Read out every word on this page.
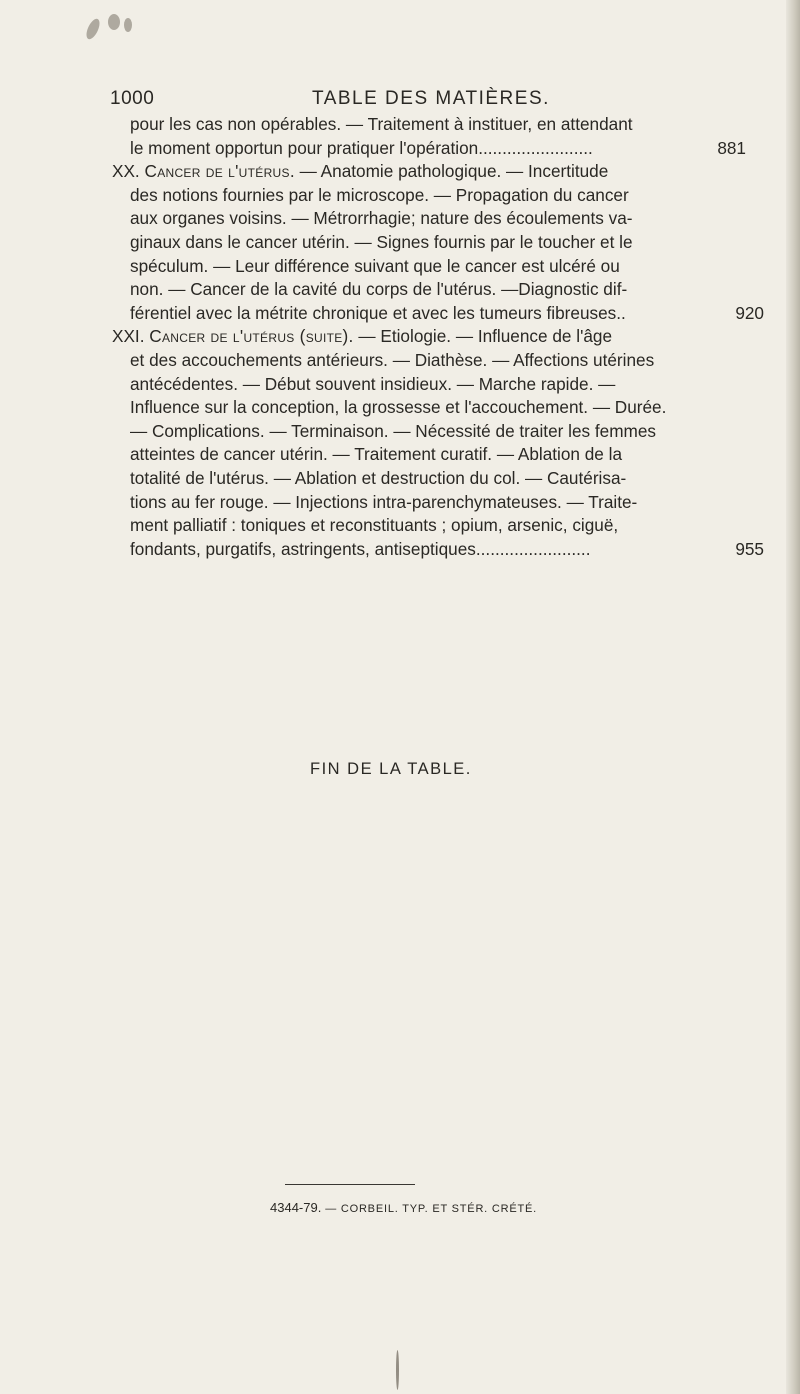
1000	TABLE DES MATIÈRES.
pour les cas non opérables. — Traitement à instituer, en attendant
le moment opportun pour pratiquer l'opération........................	881
XX. Cancer de l'utérus. — Anatomie pathologique. — Incertitude
des notions fournies par le microscope. — Propagation du cancer
aux organes voisins. — Métrorrhagie; nature des écoulements va-
ginaux dans le cancer utérin. — Signes fournis par le toucher et le
spéculum. — Leur différence suivant que le cancer est ulcéré ou
non. — Cancer de la cavité du corps de l'utérus. —Diagnostic dif-
férentiel avec la métrite chronique et avec les tumeurs fibreuses..	920
XXI. Cancer de l'utérus (suite). — Etiologie. — Influence de l'âge
et des accouchements antérieurs. — Diathèse. — Affections utérines
antécédentes. — Début souvent insidieux. — Marche rapide. —
Influence sur la conception, la grossesse et l'accouchement. — Durée.
— Complications. — Terminaison. — Nécessité de traiter les femmes
atteintes de cancer utérin. — Traitement curatif. — Ablation de la
totalité de l'utérus. — Ablation et destruction du col. — Cautérisa-
tions au fer rouge. — Injections intra-parenchymateuses. — Traite-
ment palliatif : toniques et reconstituants ; opium, arsenic, ciguë,
fondants, purgatifs, astringents, antiseptiques........................	955
FIN DE LA TABLE.
4344-79. — CORBEIL. TYP. ET STÉR. CRÉTÉ.
